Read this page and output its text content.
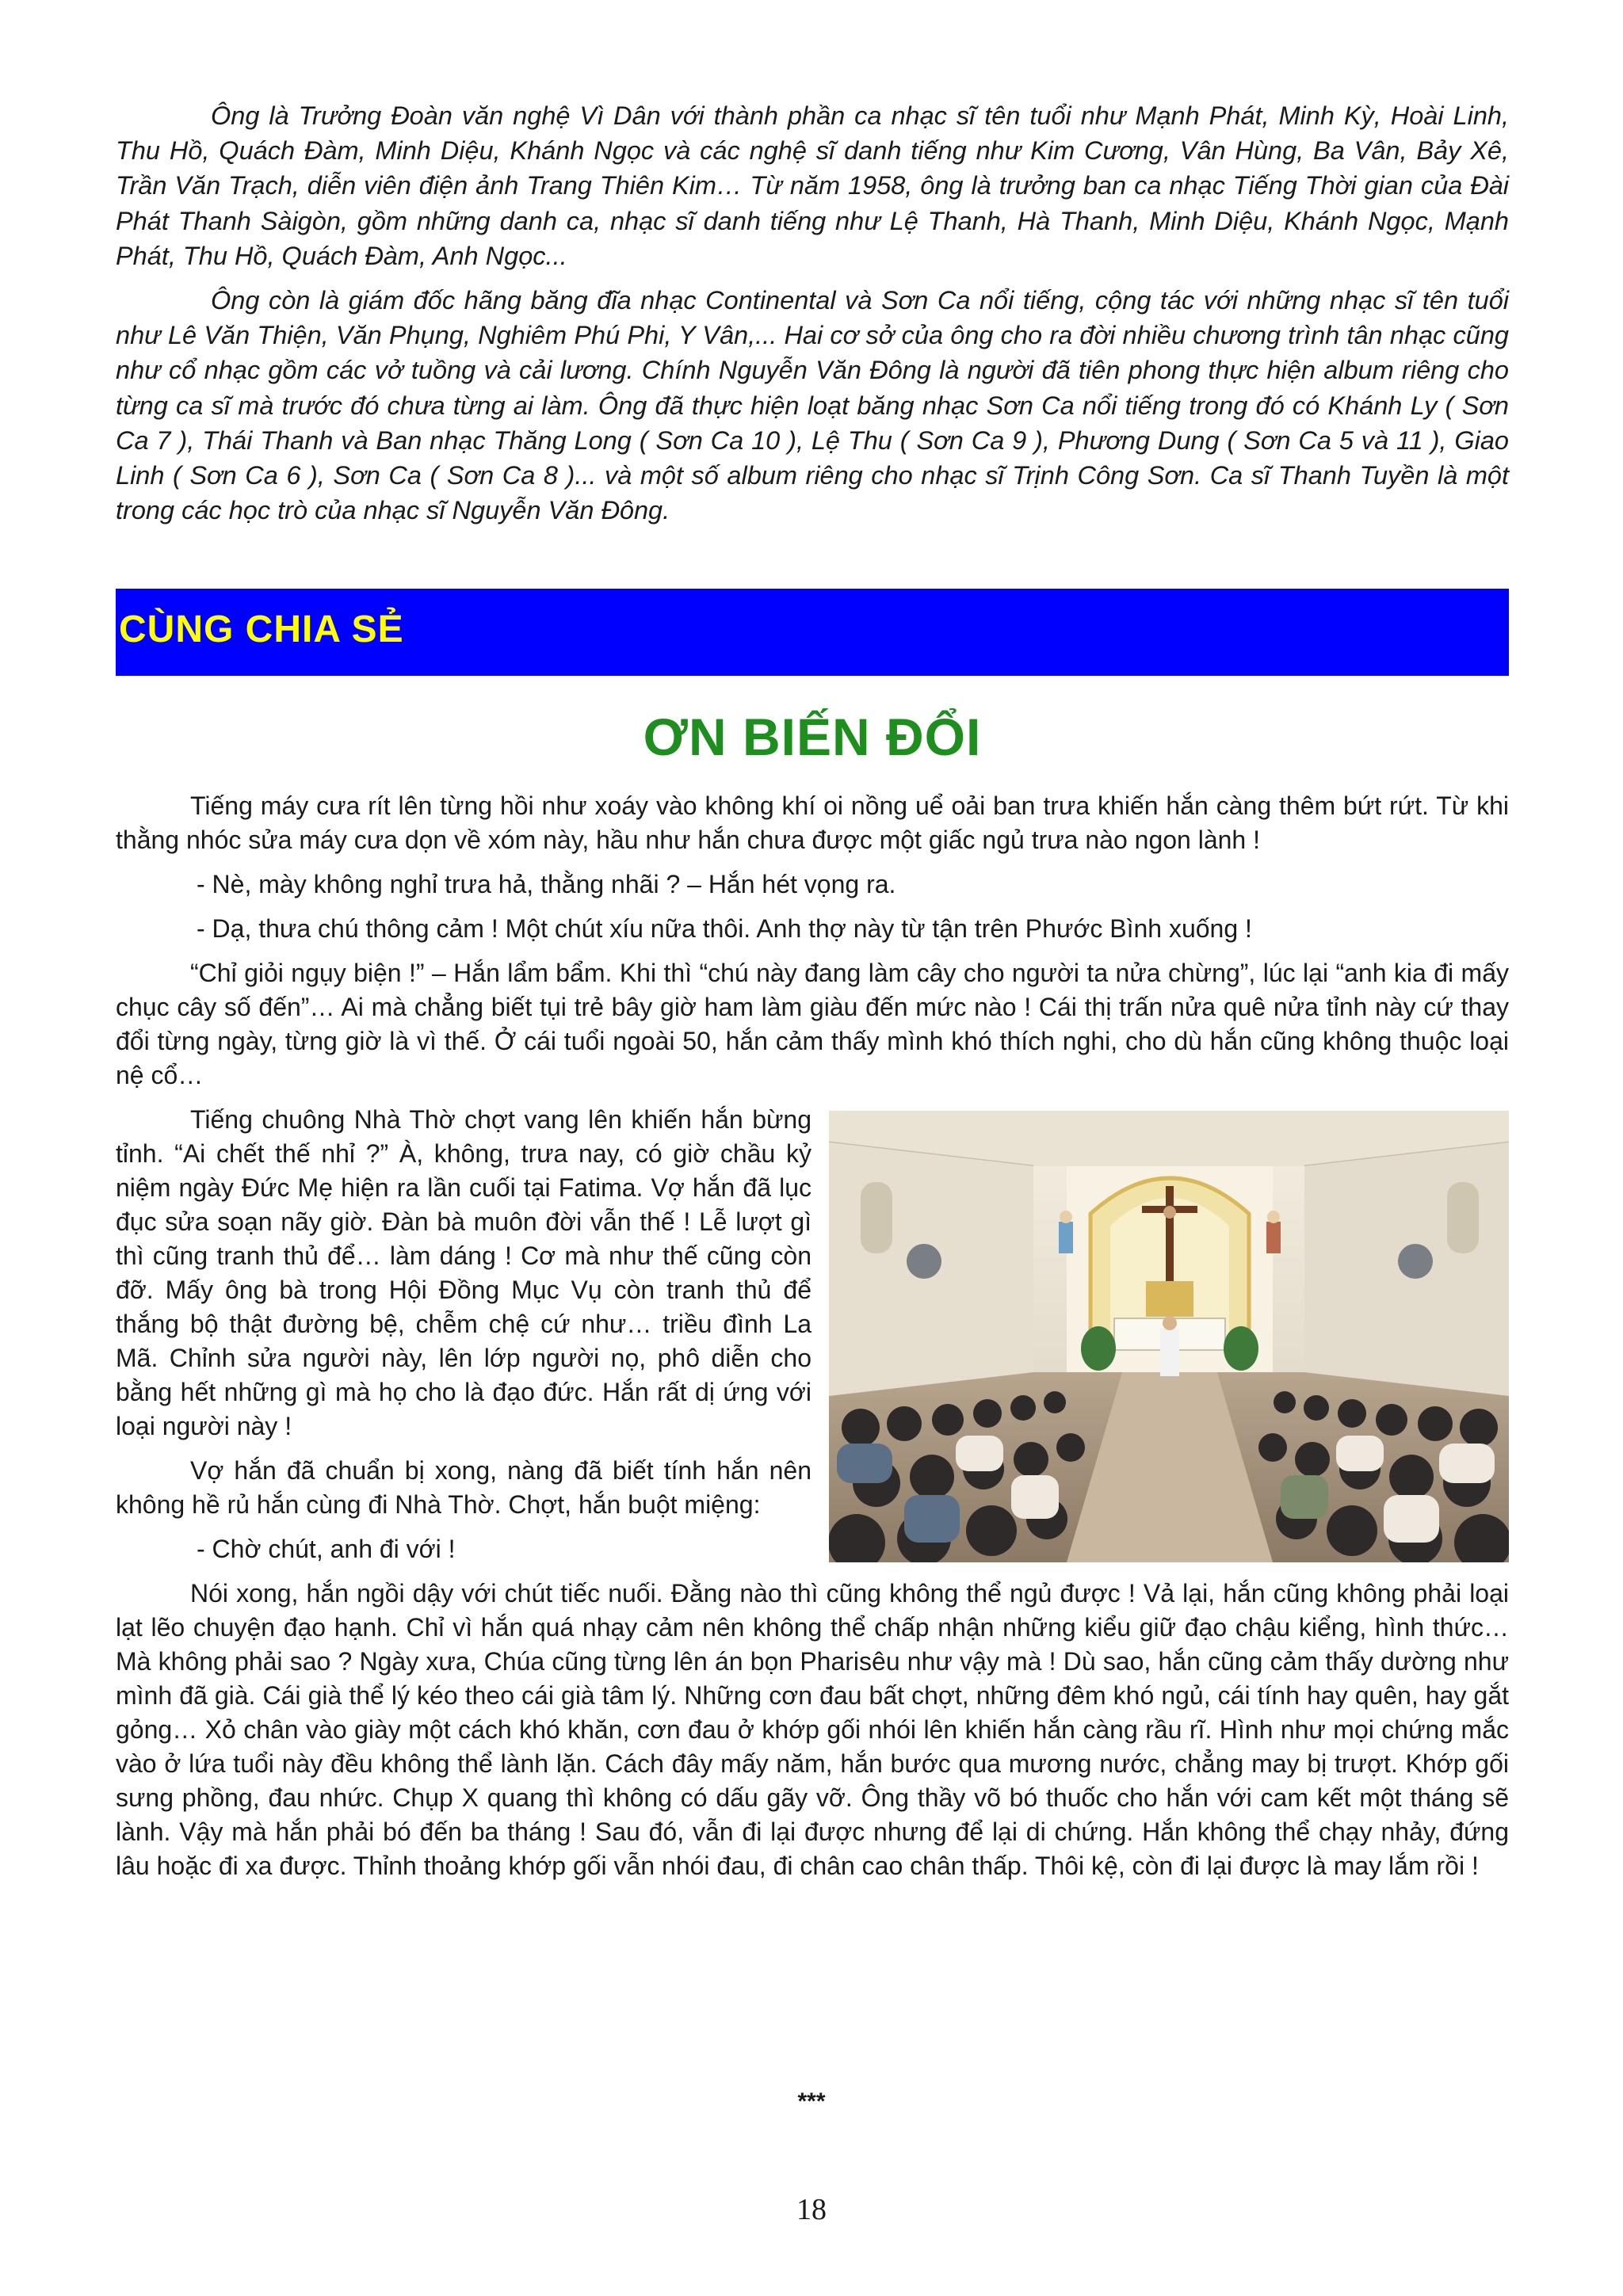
Ông là Trưởng Đoàn văn nghệ Vì Dân với thành phần ca nhạc sĩ tên tuổi như Mạnh Phát, Minh Kỳ, Hoài Linh, Thu Hồ, Quách Đàm, Minh Diệu, Khánh Ngọc và các nghệ sĩ danh tiếng như Kim Cương, Vân Hùng, Ba Vân, Bảy Xê, Trần Văn Trạch, diễn viên điện ảnh Trang Thiên Kim… Từ năm 1958, ông là trưởng ban ca nhạc Tiếng Thời gian của Đài Phát Thanh Sàigòn, gồm những danh ca, nhạc sĩ danh tiếng như Lệ Thanh, Hà Thanh, Minh Diệu, Khánh Ngọc, Mạnh Phát, Thu Hồ, Quách Đàm, Anh Ngọc...

Ông còn là giám đốc hãng băng đĩa nhạc Continental và Sơn Ca nổi tiếng, cộng tác với những nhạc sĩ tên tuổi như Lê Văn Thiện, Văn Phụng, Nghiêm Phú Phi, Y Vân,... Hai cơ sở của ông cho ra đời nhiều chương trình tân nhạc cũng như cổ nhạc gồm các vở tuồng và cải lương. Chính Nguyễn Văn Đông là người đã tiên phong thực hiện album riêng cho từng ca sĩ mà trước đó chưa từng ai làm. Ông đã thực hiện loạt băng nhạc Sơn Ca nổi tiếng trong đó có Khánh Ly ( Sơn Ca 7 ), Thái Thanh và Ban nhạc Thăng Long ( Sơn Ca 10 ), Lệ Thu ( Sơn Ca 9 ), Phương Dung ( Sơn Ca 5 và 11 ), Giao Linh ( Sơn Ca 6 ), Sơn Ca ( Sơn Ca 8 )... và một số album riêng cho nhạc sĩ Trịnh Công Sơn. Ca sĩ Thanh Tuyền là một trong các học trò của nhạc sĩ Nguyễn Văn Đông.

CÙNG CHIA SẺ
ƠN BIẾN ĐỔI

Tiếng máy cưa rít lên từng hồi như xoáy vào không khí oi nồng uể oải ban trưa khiến hắn càng thêm bứt rứt. Từ khi thằng nhóc sửa máy cưa dọn về xóm này, hầu như hắn chưa được một giấc ngủ trưa nào ngon lành !

- Nè, mày không nghỉ trưa hả, thằng nhãi ? – Hắn hét vọng ra.

- Dạ, thưa chú thông cảm ! Một chút xíu nữa thôi. Anh thợ này từ tận trên Phước Bình xuống !

“Chỉ giỏi ngụy biện !” – Hắn lẩm bẩm. Khi thì “chú này đang làm cây cho người ta nửa chừng”, lúc lại “anh kia đi mấy chục cây số đến”… Ai mà chẳng biết tụi trẻ bây giờ ham làm giàu đến mức nào ! Cái thị trấn nửa quê nửa tỉnh này cứ thay đổi từng ngày, từng giờ là vì thế. Ở cái tuổi ngoài 50, hắn cảm thấy mình khó thích nghi, cho dù hắn cũng không thuộc loại nệ cổ…

Tiếng chuông Nhà Thờ chợt vang lên khiến hắn bừng tỉnh. “Ai chết thế nhỉ ?” À, không, trưa nay, có giờ chầu kỷ niệm ngày Đức Mẹ hiện ra lần cuối tại Fatima. Vợ hắn đã lục đục sửa soạn nãy giờ. Đàn bà muôn đời vẫn thế ! Lễ lượt gì thì cũng tranh thủ để… làm dáng ! Cơ mà như thế cũng còn đỡ. Mấy ông bà trong Hội Đồng Mục Vụ còn tranh thủ để thắng bộ thật đường bệ, chễm chệ cứ như… triều đình La Mã. Chỉnh sửa người này, lên lớp người nọ, phô diễn cho bằng hết những gì mà họ cho là đạo đức. Hắn rất dị ứng với loại người này !

Vợ hắn đã chuẩn bị xong, nàng đã biết tính hắn nên không hề rủ hắn cùng đi Nhà Thờ. Chợt, hắn buột miệng:

- Chờ chút, anh đi với !

Nói xong, hắn ngồi dậy với chút tiếc nuối. Đằng nào thì cũng không thể ngủ được ! Vả lại, hắn cũng không phải loại lạt lẽo chuyện đạo hạnh. Chỉ vì hắn quá nhạy cảm nên không thể chấp nhận những kiểu giữ đạo chậu kiểng, hình thức… Mà không phải sao ? Ngày xưa, Chúa cũng từng lên án bọn Pharisêu như vậy mà ! Dù sao, hắn cũng cảm thấy dường như mình đã già. Cái già thể lý kéo theo cái già tâm lý. Những cơn đau bất chợt, những đêm khó ngủ, cái tính hay quên, hay gắt gỏng… Xỏ chân vào giày một cách khó khăn, cơn đau ở khớp gối nhói lên khiến hắn càng rầu rĩ. Hình như mọi chứng mắc vào ở lứa tuổi này đều không thể lành lặn. Cách đây mấy năm, hắn bước qua mương nước, chẳng may bị trượt. Khớp gối sưng phồng, đau nhức. Chụp X quang thì không có dấu gãy vỡ. Ông thầy võ bó thuốc cho hắn với cam kết một tháng sẽ lành. Vậy mà hắn phải bó đến ba tháng ! Sau đó, vẫn đi lại được nhưng để lại di chứng. Hắn không thể chạy nhảy, đứng lâu hoặc đi xa được. Thỉnh thoảng khớp gối vẫn nhói đau, đi chân cao chân thấp. Thôi kệ, còn đi lại được là may lắm rồi !

***
18
